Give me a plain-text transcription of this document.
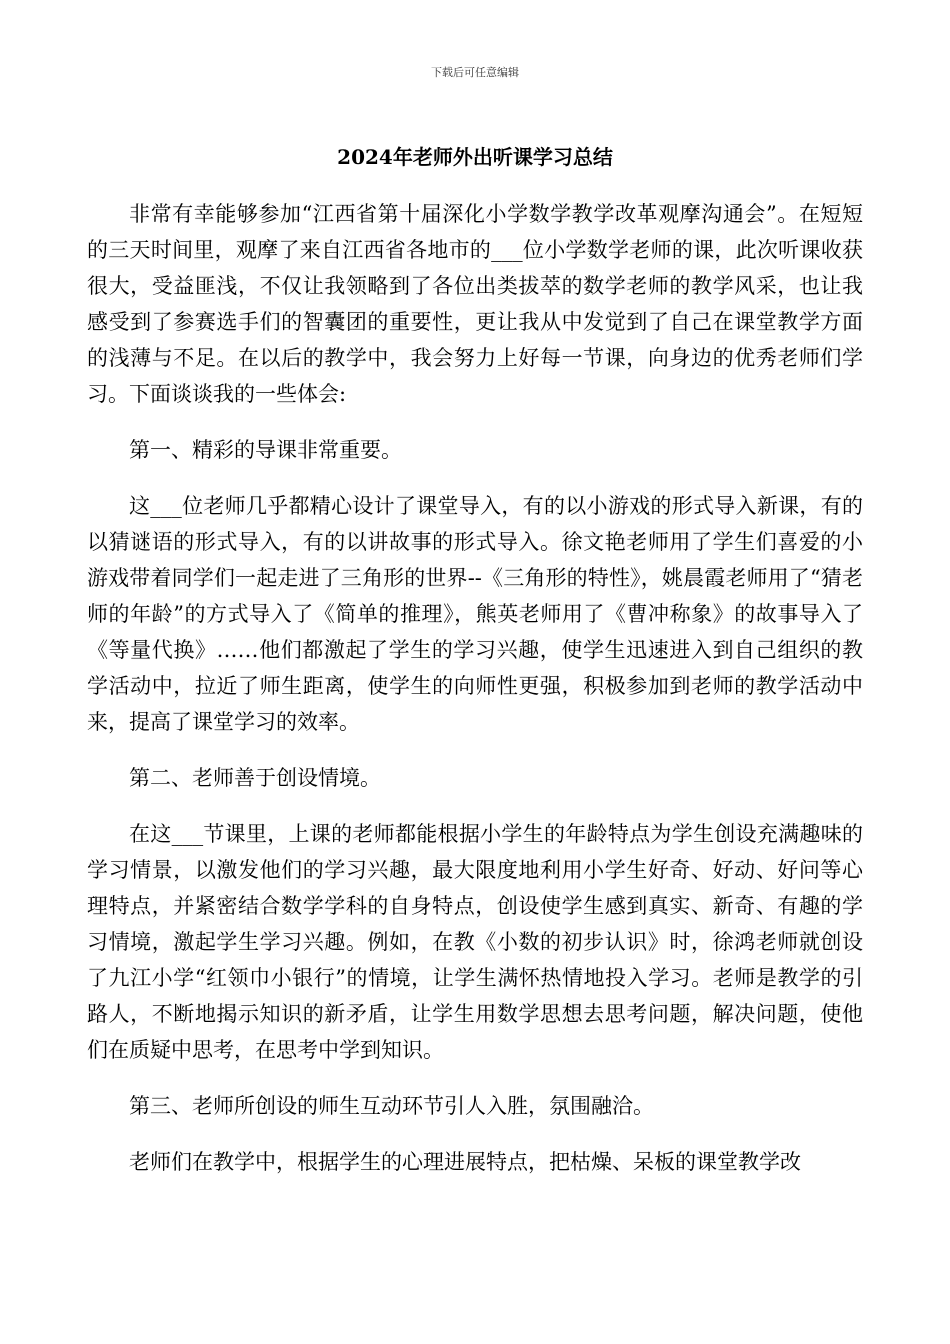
下载后可任意编辑
2024年老师外出听课学习总结

非常有幸能够参加“江西省第十届深化小学数学教学改革观摩沟通会”。在短短的三天时间里，观摩了来自江西省各地市的___位小学数学老师的课，此次听课收获很大，受益匪浅，不仅让我领略到了各位出类拔萃的数学老师的教学风采，也让我感受到了参赛选手们的智囊团的重要性，更让我从中发觉到了自己在课堂教学方面的浅薄与不足。在以后的教学中，我会努力上好每一节课，向身边的优秀老师们学习。下面谈谈我的一些体会:

第一、精彩的导课非常重要。

这___位老师几乎都精心设计了课堂导入，有的以小游戏的形式导入新课，有的以猜谜语的形式导入，有的以讲故事的形式导入。徐文艳老师用了学生们喜爱的小游戏带着同学们一起走进了三角形的世界--《三角形的特性》，姚晨霞老师用了“猜老师的年龄”的方式导入了《简单的推理》，熊英老师用了《曹冲称象》的故事导入了《等量代换》……他们都激起了学生的学习兴趣，使学生迅速进入到自己组织的教学活动中，拉近了师生距离，使学生的向师性更强，积极参加到老师的教学活动中来，提高了课堂学习的效率。

第二、老师善于创设情境。

在这___节课里，上课的老师都能根据小学生的年龄特点为学生创设充满趣味的学习情景，以激发他们的学习兴趣，最大限度地利用小学生好奇、好动、好问等心理特点，并紧密结合数学学科的自身特点，创设使学生感到真实、新奇、有趣的学习情境，激起学生学习兴趣。例如，在教《小数的初步认识》时，徐鸿老师就创设了九江小学“红领巾小银行”的情境，让学生满怀热情地投入学习。老师是教学的引路人，不断地揭示知识的新矛盾，让学生用数学思想去思考问题，解决问题，使他们在质疑中思考，在思考中学到知识。

第三、老师所创设的师生互动环节引人入胜，氛围融洽。

老师们在教学中，根据学生的心理进展特点，把枯燥、呆板的课堂教学改
